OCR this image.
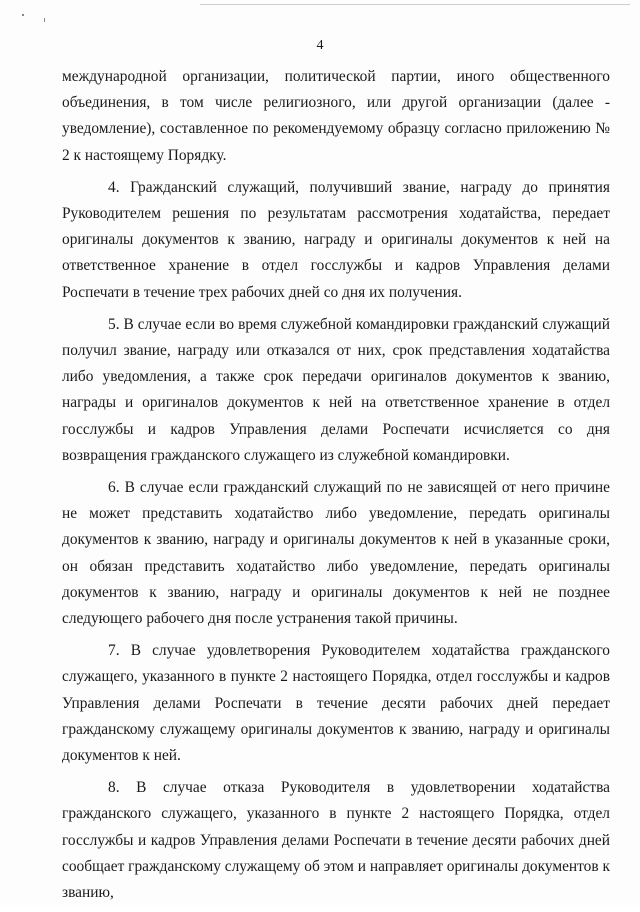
4

международной организации, политической партии, иного общественного объединения, в том числе религиозного, или другой организации (далее - уведомление), составленное по рекомендуемому образцу согласно приложению № 2 к настоящему Порядку.

4. Гражданский служащий, получивший звание, награду до принятия Руководителем решения по результатам рассмотрения ходатайства, передает оригиналы документов к званию, награду и оригиналы документов к ней на ответственное хранение в отдел госслужбы и кадров Управления делами Роспечати в течение трех рабочих дней со дня их получения.

5. В случае если во время служебной командировки гражданский служащий получил звание, награду или отказался от них, срок представления ходатайства либо уведомления, а также срок передачи оригиналов документов к званию, награды и оригиналов документов к ней на ответственное хранение в отдел госслужбы и кадров Управления делами Роспечати исчисляется со дня возвращения гражданского служащего из служебной командировки.

6. В случае если гражданский служащий по не зависящей от него причине не может представить ходатайство либо уведомление, передать оригиналы документов к званию, награду и оригиналы документов к ней в указанные сроки, он обязан представить ходатайство либо уведомление, передать оригиналы документов к званию, награду и оригиналы документов к ней не позднее следующего рабочего дня после устранения такой причины.

7. В случае удовлетворения Руководителем ходатайства гражданского служащего, указанного в пункте 2 настоящего Порядка, отдел госслужбы и кадров Управления делами Роспечати в течение десяти рабочих дней передает гражданскому служащему оригиналы документов к званию, награду и оригиналы документов к ней.

8. В случае отказа Руководителя в удовлетворении ходатайства гражданского служащего, указанного в пункте 2 настоящего Порядка, отдел госслужбы и кадров Управления делами Роспечати в течение десяти рабочих дней сообщает гражданскому служащему об этом и направляет оригиналы документов к званию,
